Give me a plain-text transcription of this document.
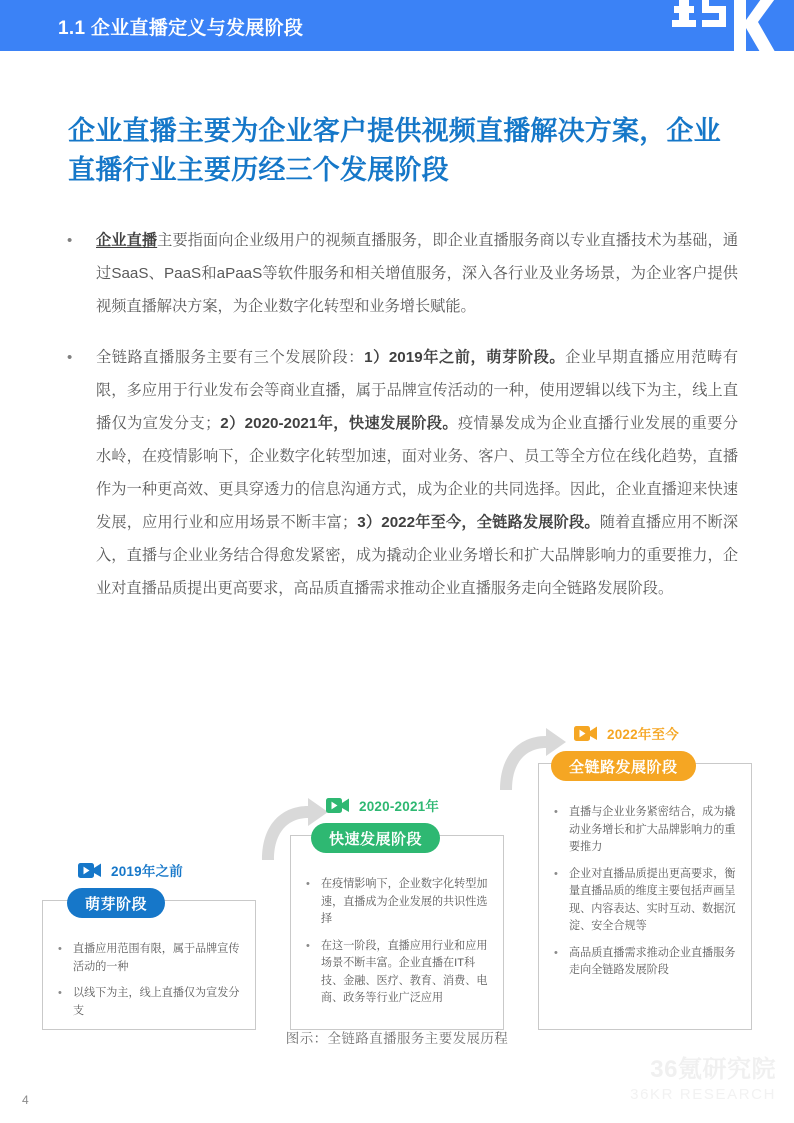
1.1 企业直播定义与发展阶段
企业直播主要为企业客户提供视频直播解决方案，企业直播行业主要历经三个发展阶段
• 企业直播主要指面向企业级用户的视频直播服务，即企业直播服务商以专业直播技术为基础，通过SaaS、PaaS和aPaaS等软件服务和相关增值服务，深入各行业及业务场景，为企业客户提供视频直播解决方案，为企业数字化转型和业务增长赋能。
• 全链路直播服务主要有三个发展阶段：1）2019年之前，萌芽阶段。企业早期直播应用范畴有限，多应用于行业发布会等商业直播，属于品牌宣传活动的一种，使用逻辑以线下为主，线上直播仅为宣发分支；2）2020-2021年，快速发展阶段。疫情暴发成为企业直播行业发展的重要分水岭，在疫情影响下，企业数字化转型加速，面对业务、客户、员工等全方位在线化趋势，直播作为一种更高效、更具穿透力的信息沟通方式，成为企业的共同选择。因此，企业直播迎来快速发展，应用行业和应用场景不断丰富；3）2022年至今，全链路发展阶段。随着直播应用不断深入，直播与企业业务结合得愈发紧密，成为撬动企业业务增长和扩大品牌影响力的重要推力，企业对直播品质提出更高要求，高品质直播需求推动企业直播服务走向全链路发展阶段。
2019年之前
• 直播应用范围有限，属于品牌宣传活动的一种
• 以线下为主，线上直播仅为宣发分支
萌芽阶段
2020-2021年
• 在疫情影响下，企业数字化转型加速，直播成为企业发展的共识性选择
• 在这一阶段，直播应用行业和应用场景不断丰富。企业直播在IT科技、金融、医疗、教育、消费、电商、政务等行业广泛应用
快速发展阶段
2022年至今
• 直播与企业业务紧密结合，成为撬动业务增长和扩大品牌影响力的重要推力
• 企业对直播品质提出更高要求，衡量直播品质的维度主要包括声画呈现、内容表达、实时互动、数据沉淀、安全合规等
• 高品质直播需求推动企业直播服务走向全链路发展阶段
全链路发展阶段
图示：全链路直播服务主要发展历程
4
36氪研究院
36KR RESEARCH
